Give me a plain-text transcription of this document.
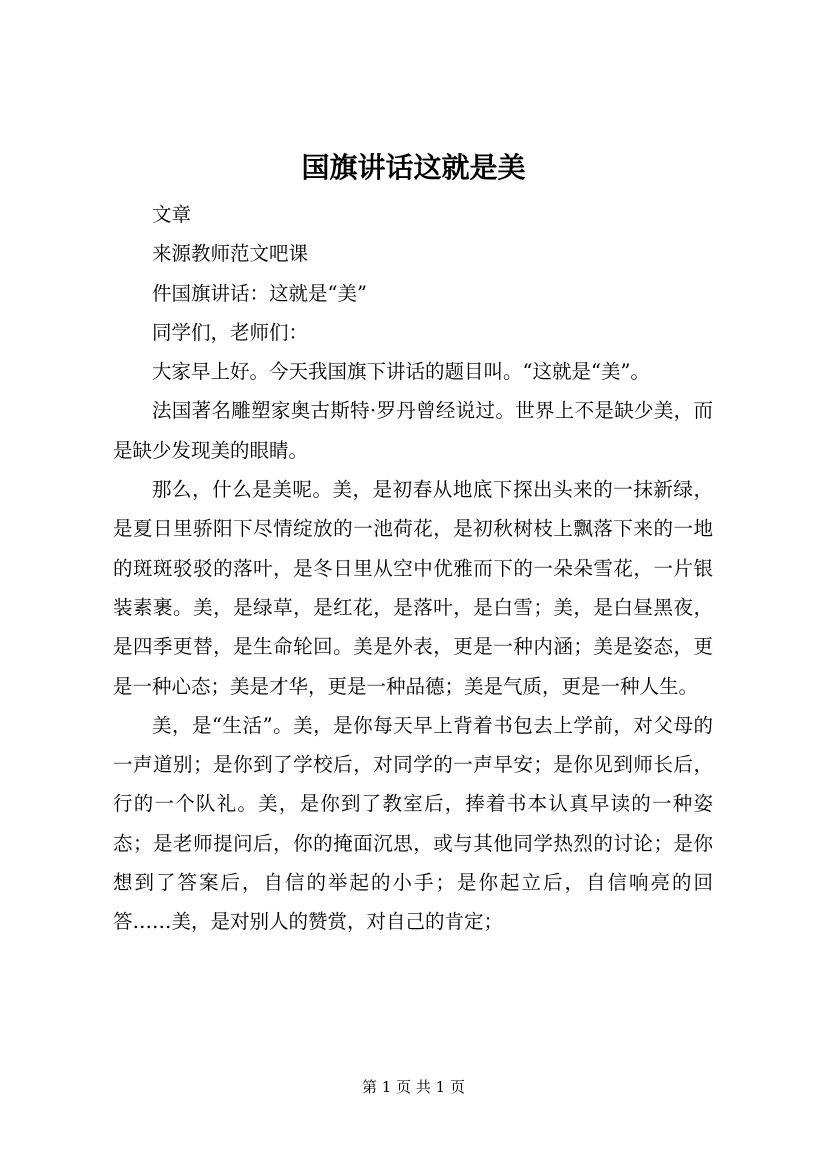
国旗讲话这就是美

文章

来源教师范文吧课

件国旗讲话：这就是“美”

同学们，老师们：

大家早上好。今天我国旗下讲话的题目叫。“这就是“美”。

法国著名雕塑家奥古斯特·罗丹曾经说过。世界上不是缺少美，而是缺少发现美的眼睛。

那么，什么是美呢。美，是初春从地底下探出头来的一抹新绿，是夏日里骄阳下尽情绽放的一池荷花，是初秋树枝上飘落下来的一地的斑斑驳驳的落叶，是冬日里从空中优雅而下的一朵朵雪花，一片银装素裹。美，是绿草，是红花，是落叶，是白雪；美，是白昼黑夜，是四季更替，是生命轮回。美是外表，更是一种内涵；美是姿态，更是一种心态；美是才华，更是一种品德；美是气质，更是一种人生。

美，是“生活”。美，是你每天早上背着书包去上学前，对父母的一声道别；是你到了学校后，对同学的一声早安；是你见到师长后，行的一个队礼。美，是你到了教室后，捧着书本认真早读的一种姿态；是老师提问后，你的掩面沉思，或与其他同学热烈的讨论；是你想到了答案后，自信的举起的小手；是你起立后，自信响亮的回答……美，是对别人的赞赏，对自己的肯定；

第 1 页 共 1 页
